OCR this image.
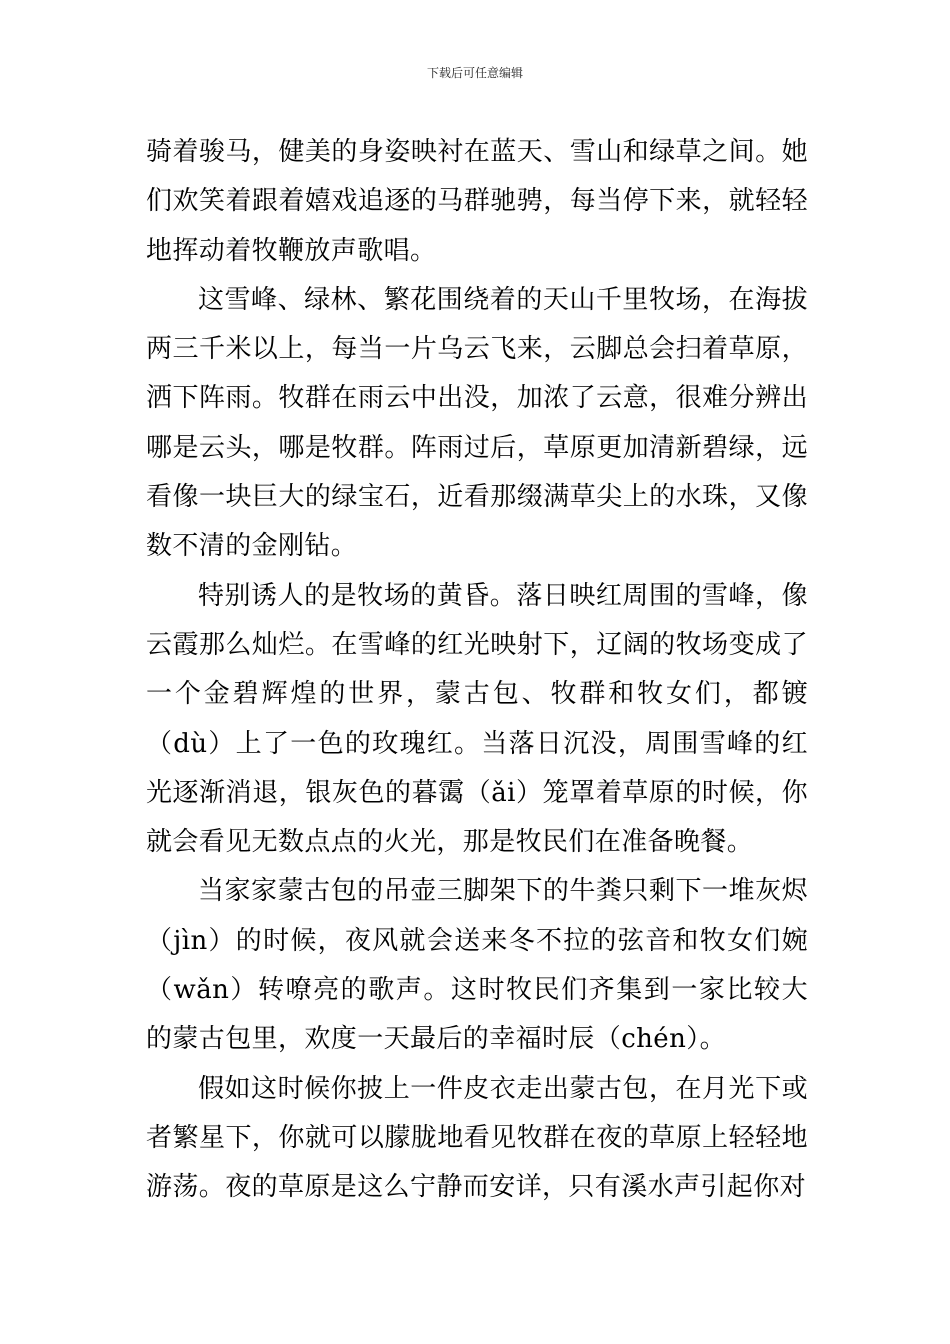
下载后可任意编辑

骑着骏马，健美的身姿映衬在蓝天、雪山和绿草之间。她们欢笑着跟着嬉戏追逐的马群驰骋，每当停下来，就轻轻地挥动着牧鞭放声歌唱。

这雪峰、绿林、繁花围绕着的天山千里牧场，在海拔两三千米以上，每当一片乌云飞来，云脚总会扫着草原，洒下阵雨。牧群在雨云中出没，加浓了云意，很难分辨出哪是云头，哪是牧群。阵雨过后，草原更加清新碧绿，远看像一块巨大的绿宝石，近看那缀满草尖上的水珠，又像数不清的金刚钻。

特别诱人的是牧场的黄昏。落日映红周围的雪峰，像云霞那么灿烂。在雪峰的红光映射下，辽阔的牧场变成了一个金碧辉煌的世界，蒙古包、牧群和牧女们，都镀（dù）上了一色的玫瑰红。当落日沉没，周围雪峰的红光逐渐消退，银灰色的暮霭（ǎi）笼罩着草原的时候，你就会看见无数点点的火光，那是牧民们在准备晚餐。

当家家蒙古包的吊壶三脚架下的牛粪只剩下一堆灰烬（jìn）的时候，夜风就会送来冬不拉的弦音和牧女们婉（wǎn）转嘹亮的歌声。这时牧民们齐集到一家比较大的蒙古包里，欢度一天最后的幸福时辰（chén）。

假如这时候你披上一件皮衣走出蒙古包，在月光下或者繁星下，你就可以朦胧地看见牧群在夜的草原上轻轻地游荡。夜的草原是这么宁静而安详，只有溪水声引起你对
